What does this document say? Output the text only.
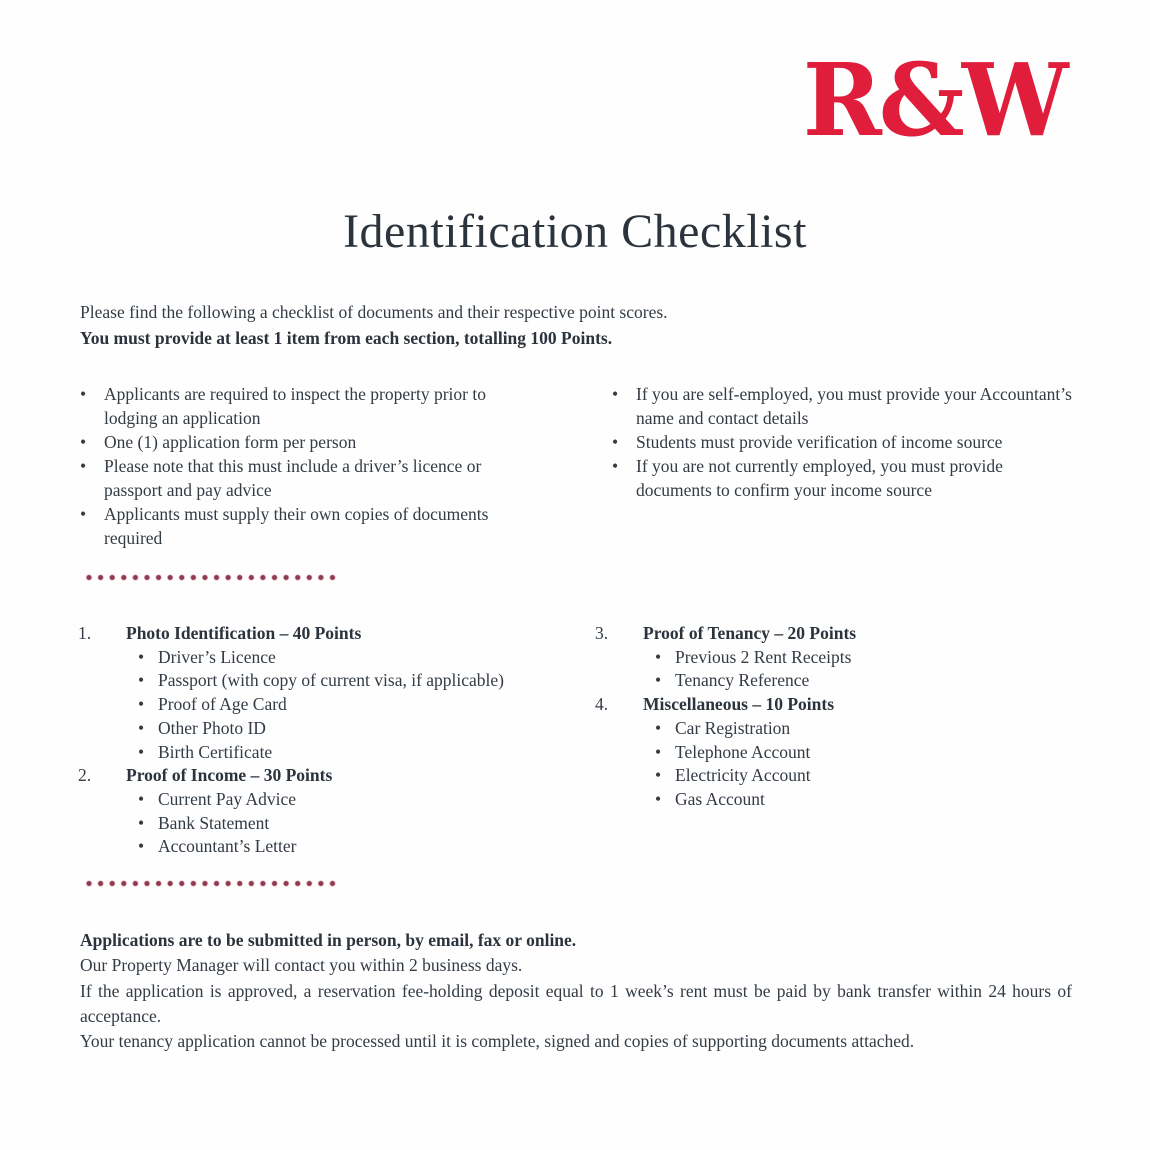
R&W
Identification Checklist

Please find the following a checklist of documents and their respective point scores.
You must provide at least 1 item from each section, totalling 100 Points.

•	Applicants are required to inspect the property prior to lodging an application
•	One (1) application form per person
•	Please note that this must include a driver’s licence or passport and pay advice
•	Applicants must supply their own copies of documents required
•	If you are self-employed, you must provide your Accountant’s name and contact details
•	Students must provide verification of income source
•	If you are not currently employed, you must provide documents to confirm your income source
1.	Photo Identification – 40 Points
• Driver’s Licence
• Passport (with copy of current visa, if applicable)
• Proof of Age Card
• Other Photo ID
• Birth Certificate
2.	Proof of Income – 30 Points
• Current Pay Advice
• Bank Statement
• Accountant’s Letter
3.	Proof of Tenancy – 20 Points
• Previous 2 Rent Receipts
• Tenancy Reference
4.	Miscellaneous – 10 Points
• Car Registration
• Telephone Account
• Electricity Account
• Gas Account

Applications are to be submitted in person, by email, fax or online.

Our Property Manager will contact you within 2 business days.

If the application is approved, a reservation fee-holding deposit equal to 1 week’s rent must be paid by bank transfer within 24 hours of acceptance.

Your tenancy application cannot be processed until it is complete, signed and copies of supporting documents attached.
